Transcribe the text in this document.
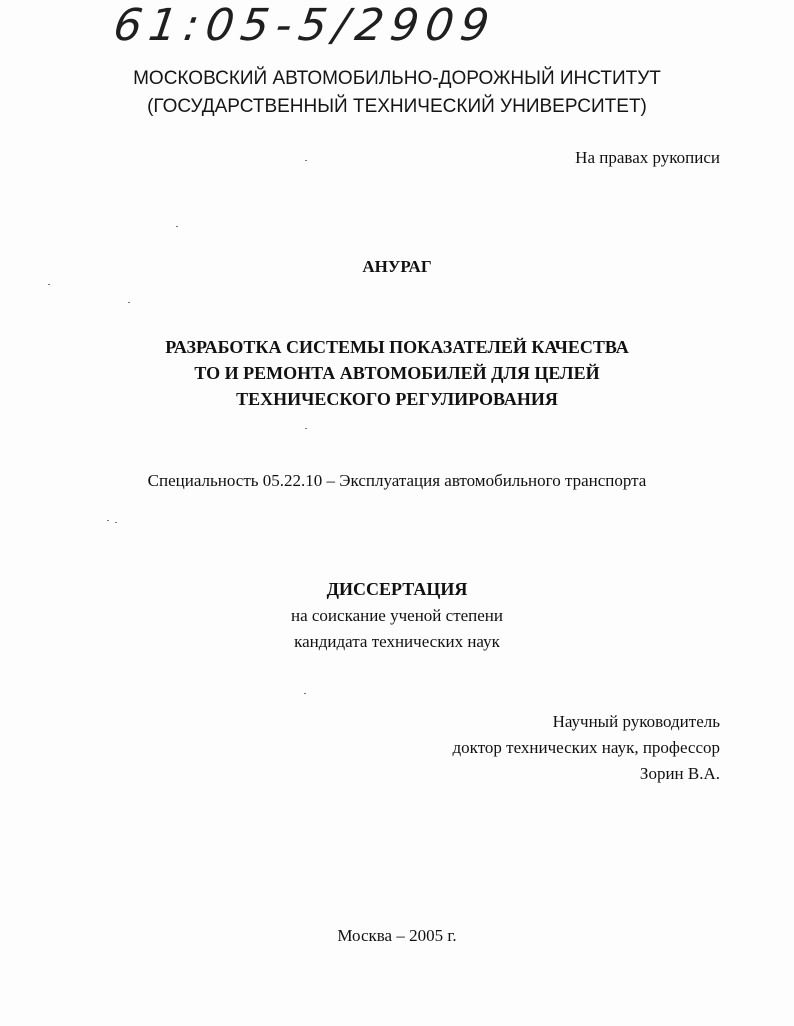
61:05-5/2909
МОСКОВСКИЙ АВТОМОБИЛЬНО-ДОРОЖНЫЙ ИНСТИТУТ
(ГОСУДАРСТВЕННЫЙ ТЕХНИЧЕСКИЙ УНИВЕРСИТЕТ)
На правах рукописи
АНУРАГ
РАЗРАБОТКА СИСТЕМЫ ПОКАЗАТЕЛЕЙ КАЧЕСТВА
ТО И РЕМОНТА АВТОМОБИЛЕЙ ДЛЯ ЦЕЛЕЙ
ТЕХНИЧЕСКОГО РЕГУЛИРОВАНИЯ
Специальность 05.22.10 – Эксплуатация автомобильного транспорта
ДИССЕРТАЦИЯ
на соискание ученой степени
кандидата технических наук
Научный руководитель
доктор технических наук, профессор
Зорин В.А.
Москва – 2005 г.
